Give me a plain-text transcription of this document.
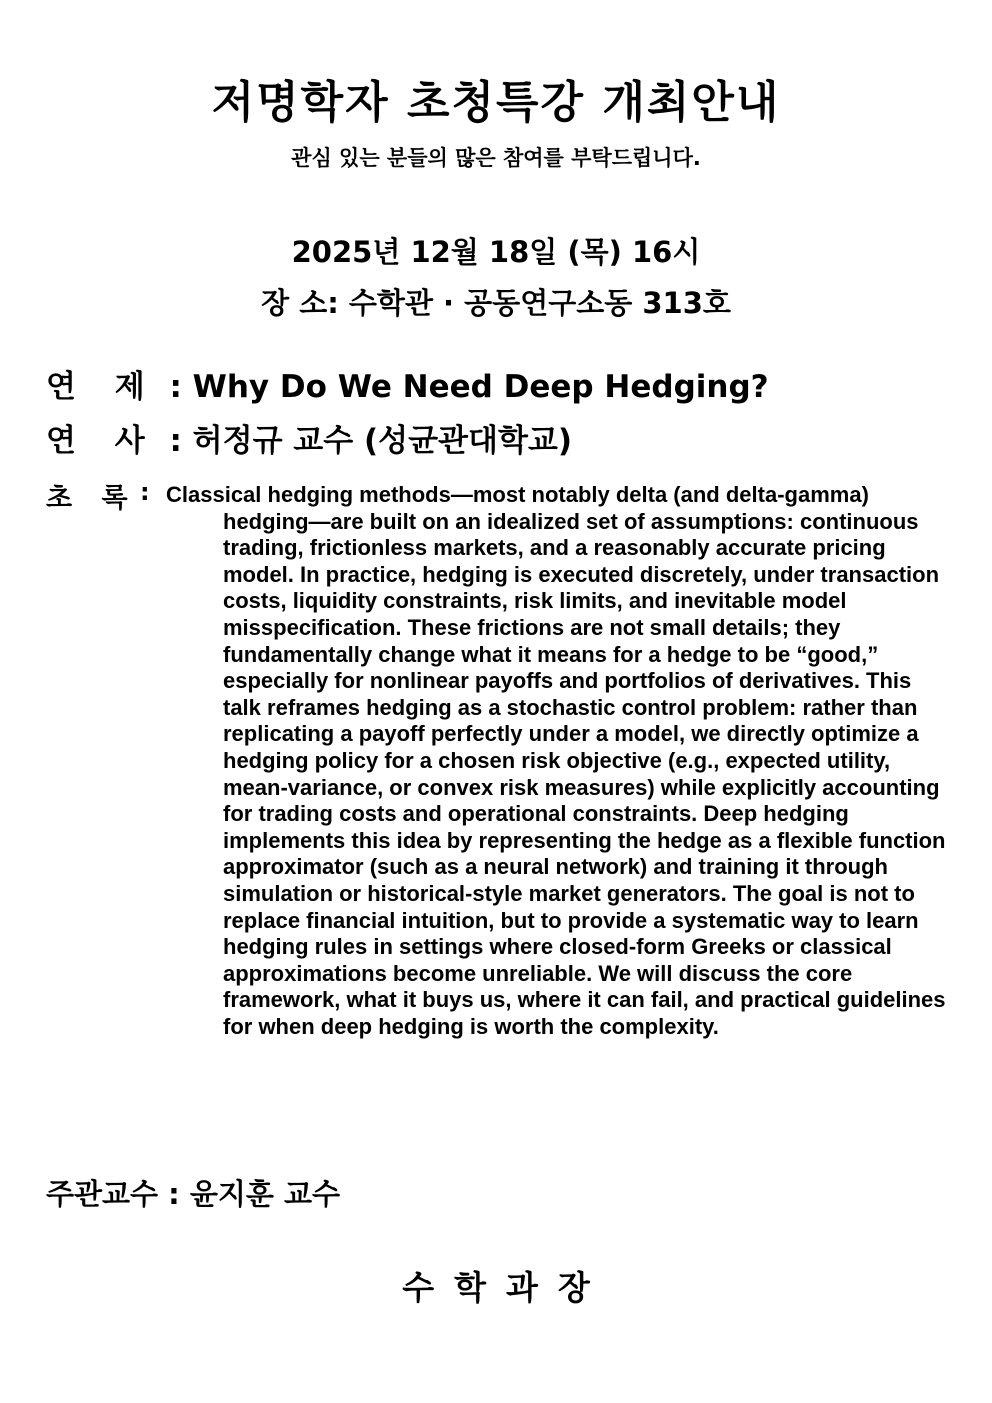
저명학자 초청특강 개최안내
관심 있는 분들의 많은 참여를 부탁드립니다.
2025년 12월 18일 (목) 16시
장 소: 수학관 · 공동연구소동 313호
연 제 : Why Do We Need Deep Hedging?
연 사 : 허정규 교수 (성균관대학교)
초 록 : Classical hedging methods—most notably delta (and delta-gamma)
hedging—are built on an idealized set of assumptions: continuous trading, frictionless markets, and a reasonably accurate pricing model. In practice, hedging is executed discretely, under transaction costs, liquidity constraints, risk limits, and inevitable model misspecification. These frictions are not small details; they fundamentally change what it means for a hedge to be “good,” especially for nonlinear payoffs and portfolios of derivatives. This talk reframes hedging as a stochastic control problem: rather than replicating a payoff perfectly under a model, we directly optimize a hedging policy for a chosen risk objective (e.g., expected utility, mean-variance, or convex risk measures) while explicitly accounting for trading costs and operational constraints. Deep hedging implements this idea by representing the hedge as a flexible function approximator (such as a neural network) and training it through simulation or historical-style market generators. The goal is not to replace financial intuition, but to provide a systematic way to learn hedging rules in settings where closed-form Greeks or classical approximations become unreliable. We will discuss the core framework, what it buys us, where it can fail, and practical guidelines for when deep hedging is worth the complexity.
주관교수 : 윤지훈 교수
수학과장
